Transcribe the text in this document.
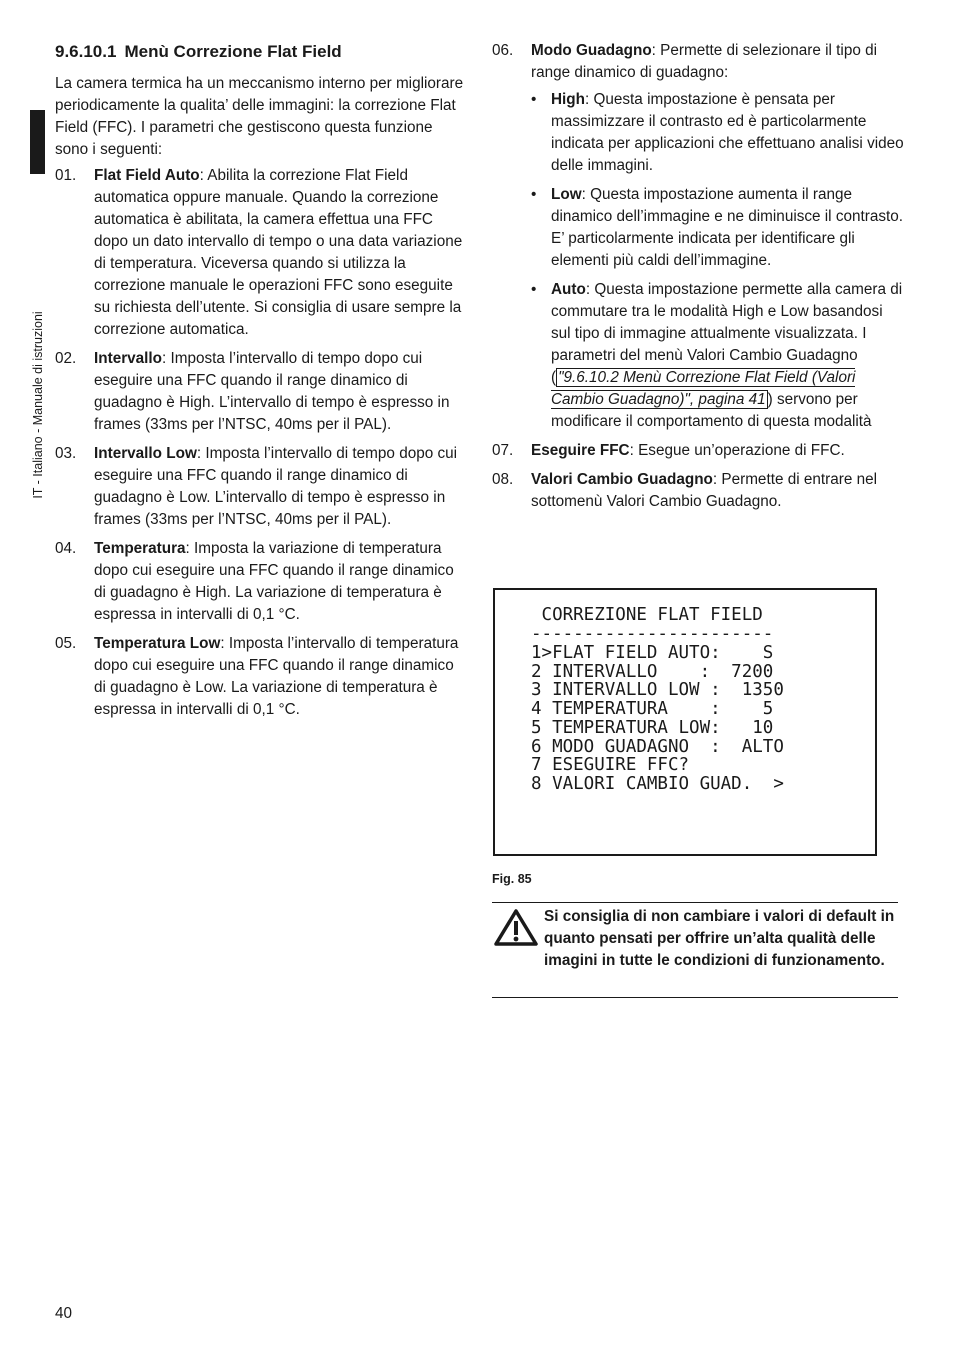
IT - Italiano - Manuale di istruzioni
9.6.10.1 Menù Correzione Flat Field

La camera termica ha un meccanismo interno per migliorare periodicamente la qualita’ delle immagini: la correzione Flat Field (FFC). I parametri che gestiscono questa funzione sono i seguenti:

01. Flat Field Auto: Abilita la correzione Flat Field automatica oppure manuale. Quando la correzione automatica è abilitata, la camera effettua una FFC dopo un dato intervallo di tempo o una data variazione di temperatura. Viceversa quando si utilizza la correzione manuale le operazioni FFC sono eseguite su richiesta dell’utente. Si consiglia di usare sempre la correzione automatica.
02. Intervallo: Imposta l’intervallo di tempo dopo cui eseguire una FFC quando il range dinamico di guadagno è High. L’intervallo di tempo è espresso in frames (33ms per l’NTSC, 40ms per il PAL).
03. Intervallo Low: Imposta l’intervallo di tempo dopo cui eseguire una FFC quando il range dinamico di guadagno è Low. L’intervallo di tempo è espresso in frames (33ms per l’NTSC, 40ms per il PAL).
04. Temperatura: Imposta la variazione di temperatura dopo cui eseguire una FFC quando il range dinamico di guadagno è High. La variazione di temperatura è espressa in intervalli di 0,1 °C.
05. Temperatura Low: Imposta l’intervallo di temperatura dopo cui eseguire una FFC quando il range dinamico di guadagno è Low. La variazione di temperatura è espressa in intervalli di 0,1 °C.
06. Modo Guadagno: Permette di selezionare il tipo di range dinamico di guadagno:
• High: Questa impostazione è pensata per massimizzare il contrasto ed è particolarmente indicata per applicazioni che effettuano analisi video delle immagini.
• Low: Questa impostazione aumenta il range dinamico dell’immagine e ne diminuisce il contrasto. E’ particolarmente indicata per identificare gli elementi più caldi dell’immagine.
• Auto: Questa impostazione permette alla camera di commutare tra le modalità High e Low basandosi sul tipo di immagine attualmente visualizzata. I parametri del menù Valori Cambio Guadagno ( "9.6.10.2 Menù Correzione Flat Field (Valori Cambio Guadagno)", pagina 41 ) servono per modificare il comportamento di questa modalità
07. Eseguire FFC: Esegue un’operazione di FFC.
08. Valori Cambio Guadagno: Permette di entrare nel sottomenù Valori Cambio Guadagno.
CORREZIONE FLAT FIELD
-----------------------
1>FLAT FIELD AUTO:    S
2 INTERVALLO    :  7200
3 INTERVALLO LOW :  1350
4 TEMPERATURA    :    5
5 TEMPERATURA LOW:   10
6 MODO GUADAGNO  :  ALTO
7 ESEGUIRE FFC?
8 VALORI CAMBIO GUAD.  >
Fig. 85
Si consiglia di non cambiare i valori di default in quanto pensati per offrire un’alta qualità delle imagini in tutte le condizioni di funzionamento.
40
